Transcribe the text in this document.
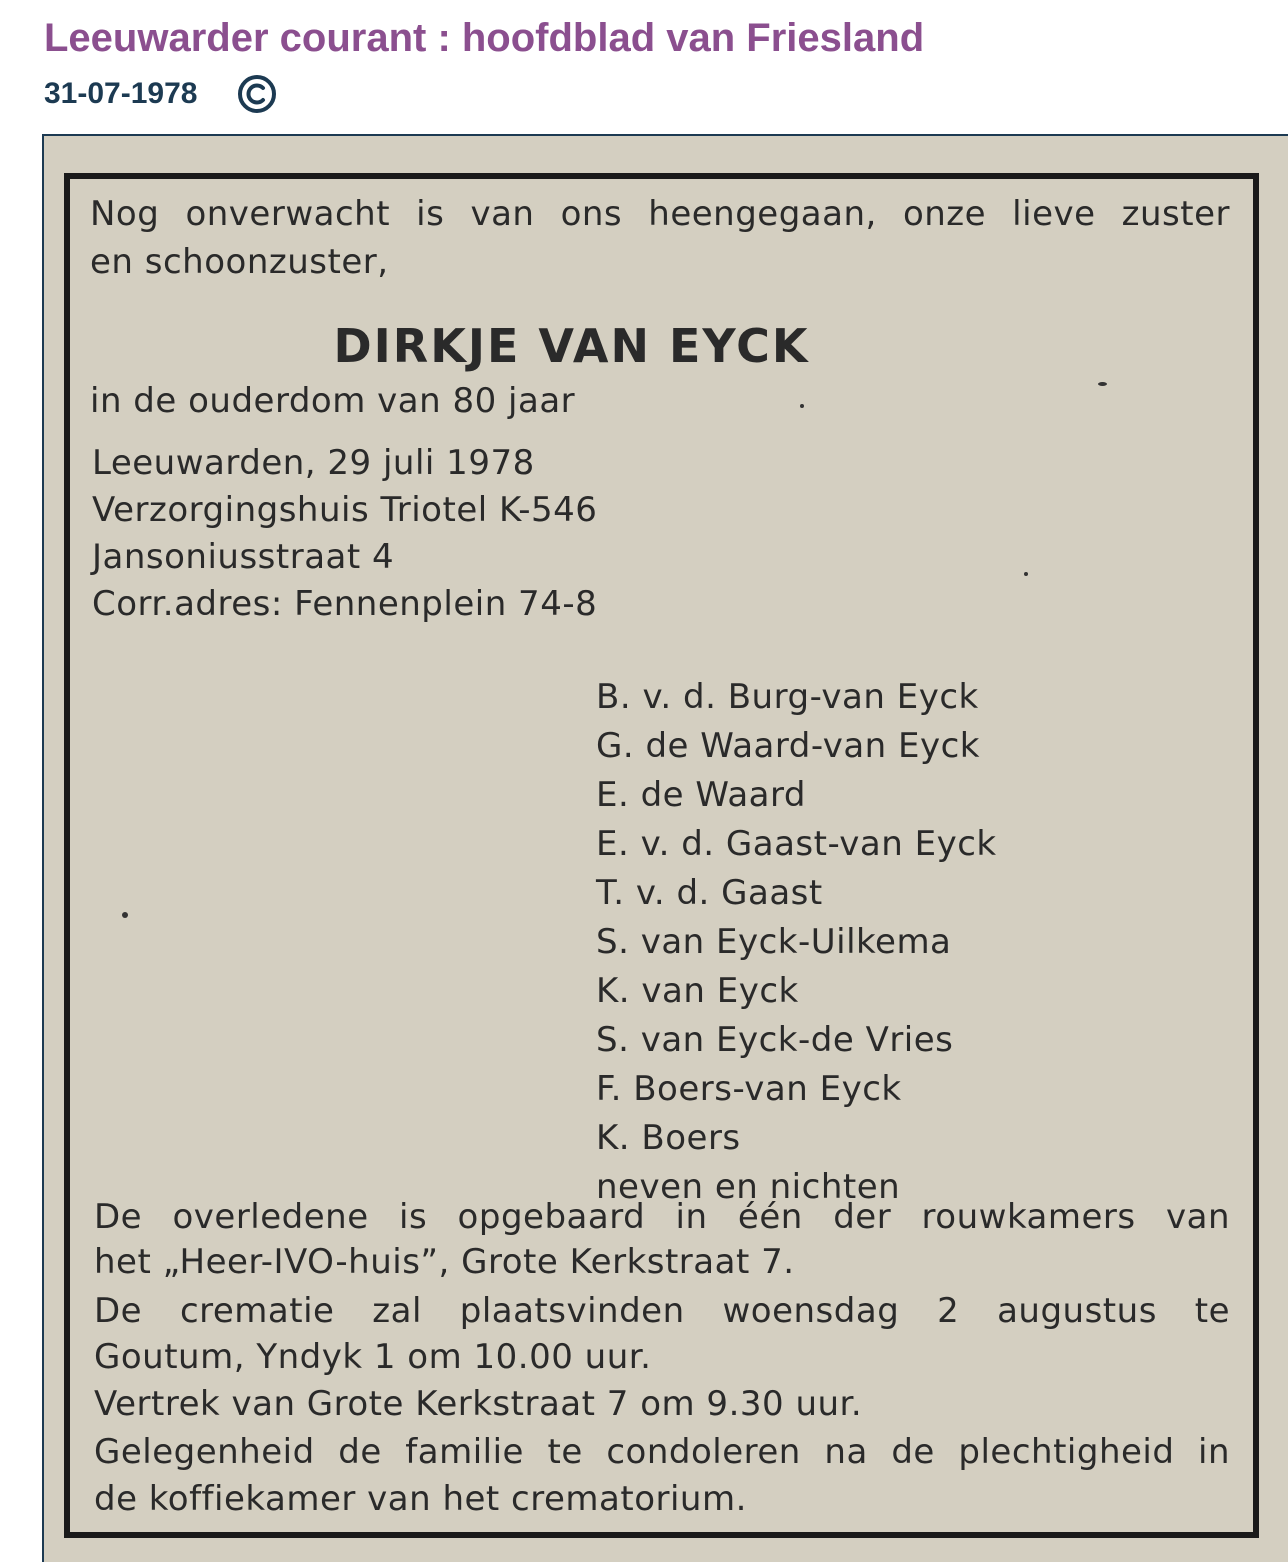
Leeuwarder courant : hoofdblad van Friesland
31-07-1978
Nog onverwacht is van ons heengegaan, onze lieve zuster
en schoonzuster,
DIRKJE VAN EYCK
in de ouderdom van 80 jaar
Leeuwarden, 29 juli 1978
Verzorgingshuis Triotel K-546
Jansoniusstraat 4
Corr.adres: Fennenplein 74-8
B. v. d. Burg-van Eyck
G. de Waard-van Eyck
E. de Waard
E. v. d. Gaast-van Eyck
T. v. d. Gaast
S. van Eyck-Uilkema
K. van Eyck
S. van Eyck-de Vries
F. Boers-van Eyck
K. Boers
neven en nichten
De overledene is opgebaard in één der rouwkamers van
het „Heer-IVO-huis”, Grote Kerkstraat 7.
De crematie zal plaatsvinden woensdag 2 augustus te
Goutum, Yndyk 1 om 10.00 uur.
Vertrek van Grote Kerkstraat 7 om 9.30 uur.
Gelegenheid de familie te condoleren na de plechtigheid in
de koffiekamer van het crematorium.
